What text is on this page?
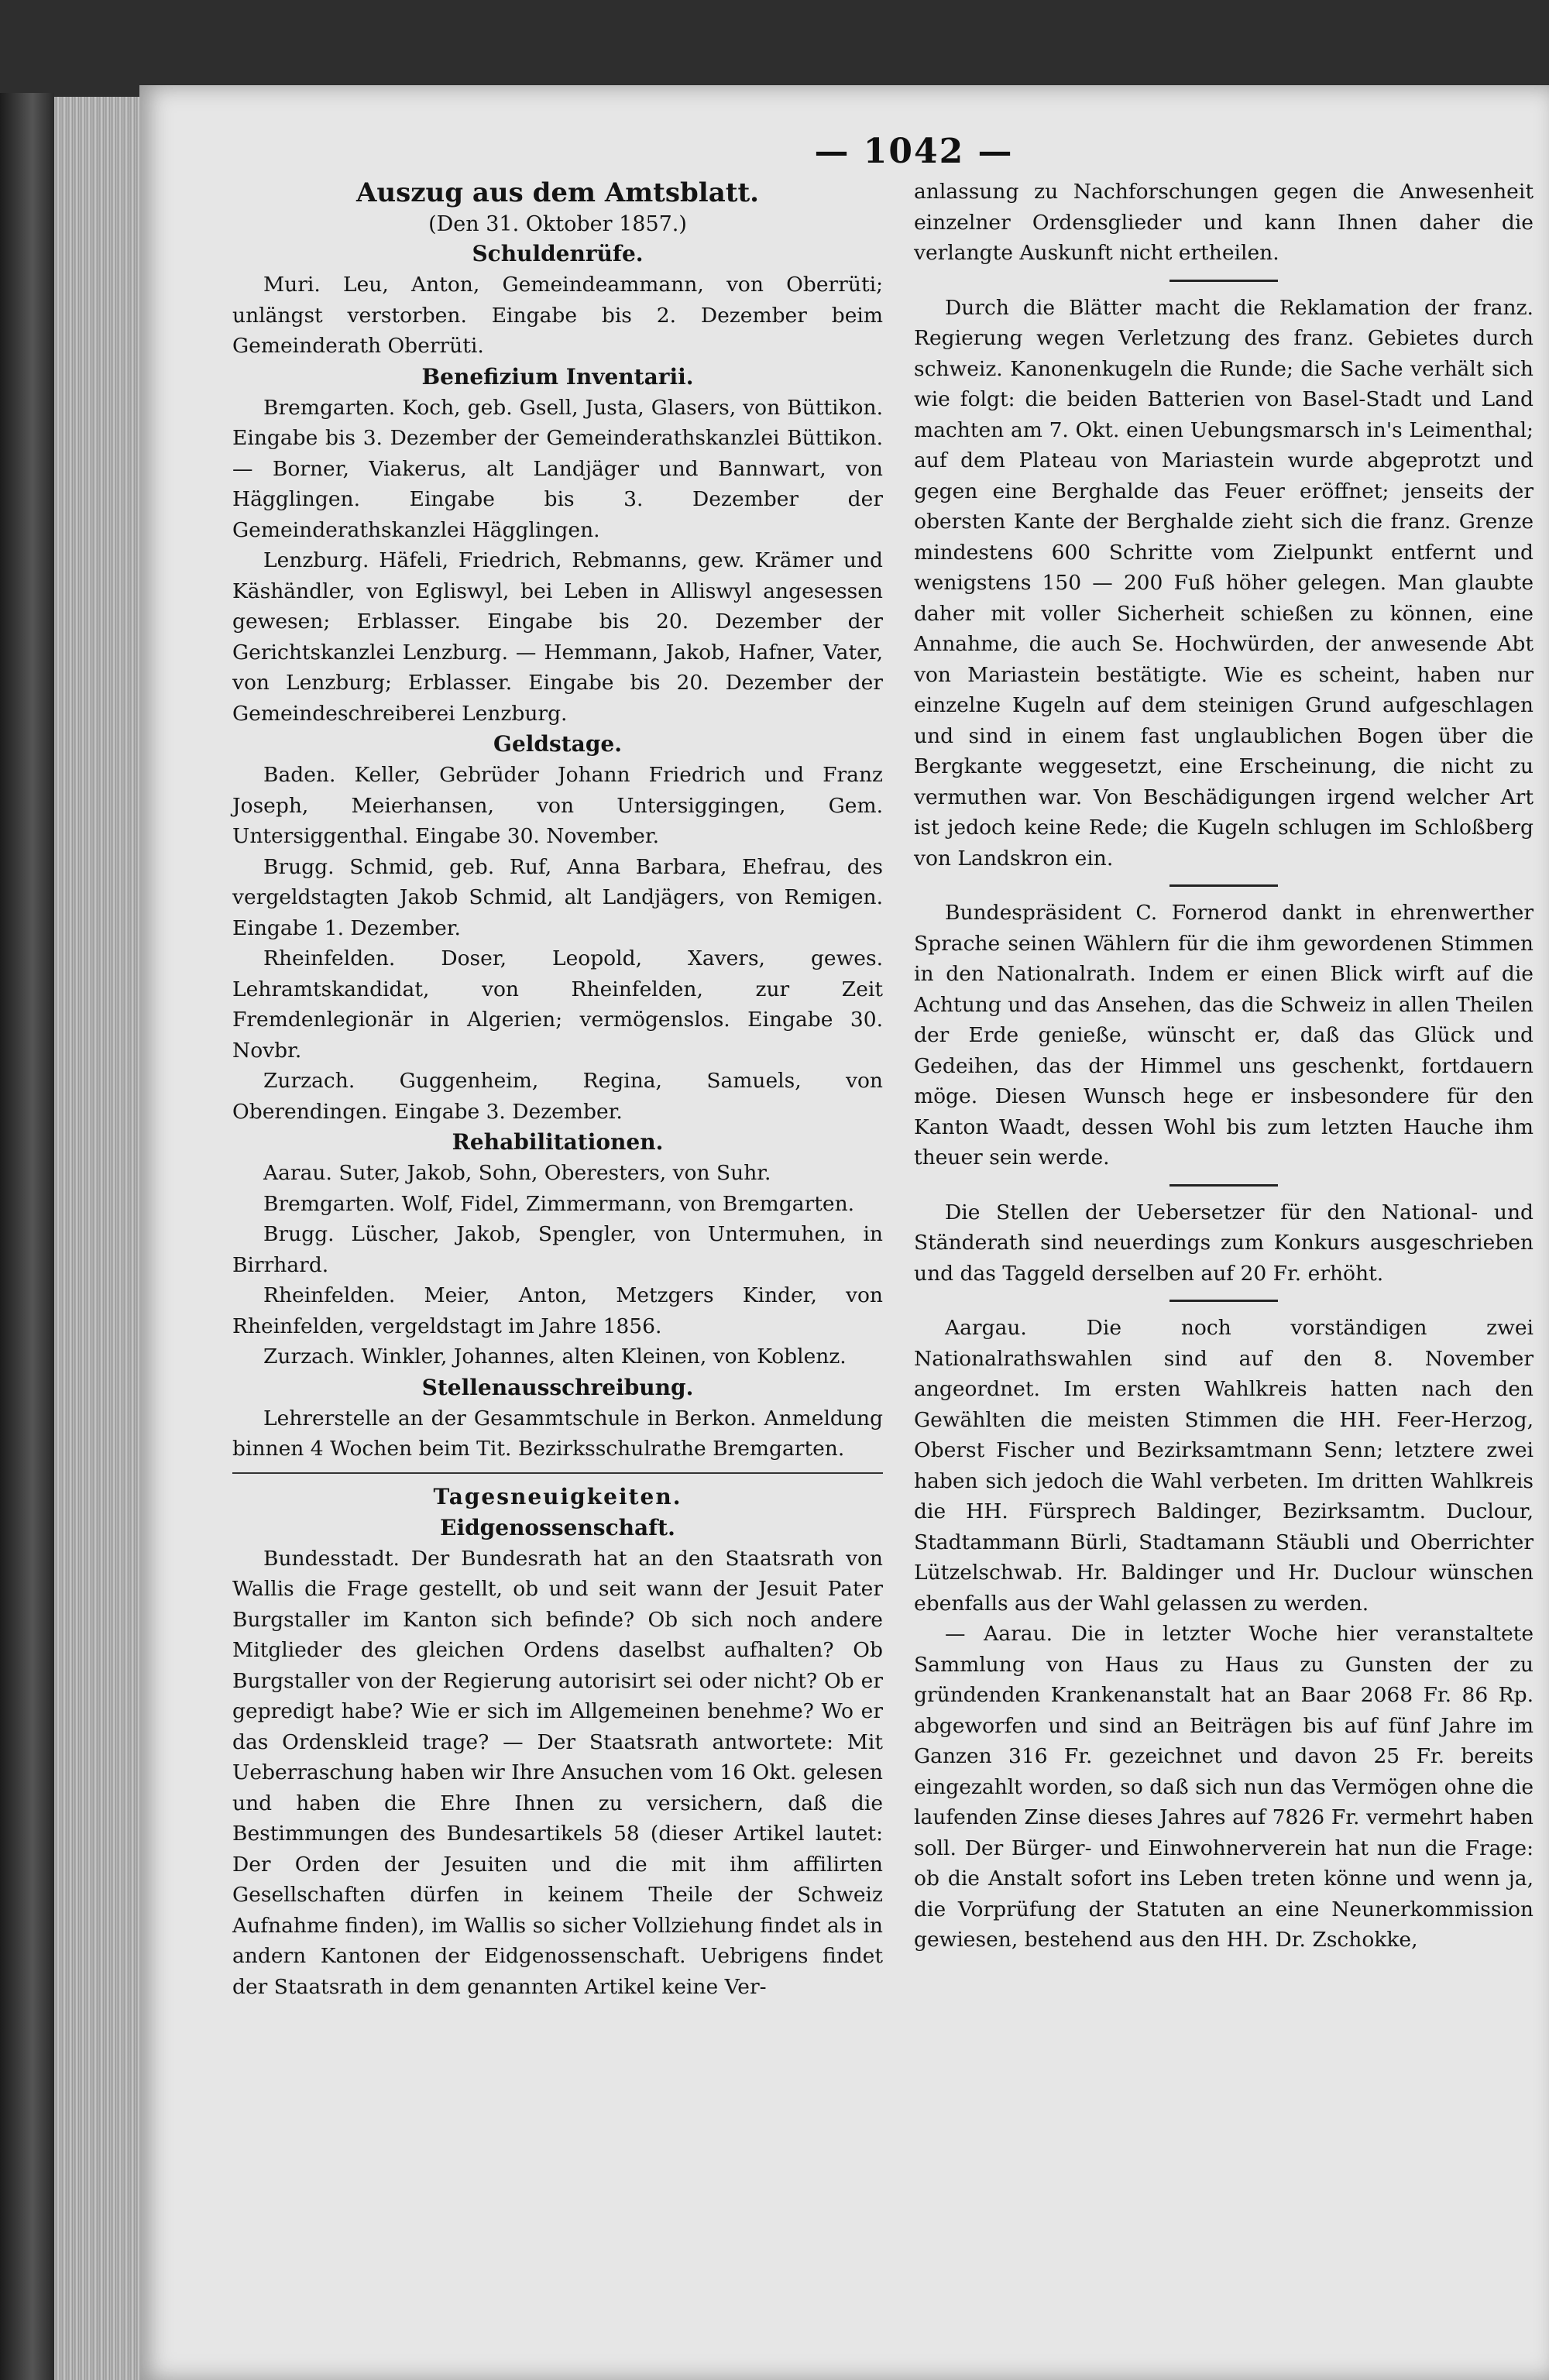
— 1042 —
Auszug aus dem Amtsblatt.
(Den 31. Oktober 1857.)
Schuldenrüfe.

Muri. Leu, Anton, Gemeindeammann, von Oberrüti; unlängst verstorben. Eingabe bis 2. Dezember beim Gemeinderath Oberrüti.

Benefizium Inventarii.

Bremgarten. Koch, geb. Gsell, Justa, Glasers, von Büttikon. Eingabe bis 3. Dezember der Gemeinderathskanzlei Büttikon. — Borner, Viakerus, alt Landjäger und Bannwart, von Hägglingen. Eingabe bis 3. Dezember der Gemeinderathskanzlei Hägglingen.

Lenzburg. Häfeli, Friedrich, Rebmanns, gew. Krämer und Käshändler, von Egliswyl, bei Leben in Alliswyl angesessen gewesen; Erblasser. Eingabe bis 20. Dezember der Gerichtskanzlei Lenzburg. — Hemmann, Jakob, Hafner, Vater, von Lenzburg; Erblasser. Eingabe bis 20. Dezember der Gemeindeschreiberei Lenzburg.

Geldstage.

Baden. Keller, Gebrüder Johann Friedrich und Franz Joseph, Meierhansen, von Untersiggingen, Gem. Untersiggenthal. Eingabe 30. November.

Brugg. Schmid, geb. Ruf, Anna Barbara, Ehefrau, des vergeldstagten Jakob Schmid, alt Landjägers, von Remigen. Eingabe 1. Dezember.

Rheinfelden. Doser, Leopold, Xavers, gewes. Lehramtskandidat, von Rheinfelden, zur Zeit Fremdenlegionär in Algerien; vermögenslos. Eingabe 30. Novbr.

Zurzach. Guggenheim, Regina, Samuels, von Oberendingen. Eingabe 3. Dezember.

Rehabilitationen.

Aarau. Suter, Jakob, Sohn, Oberesters, von Suhr.

Bremgarten. Wolf, Fidel, Zimmermann, von Bremgarten.

Brugg. Lüscher, Jakob, Spengler, von Untermuhen, in Birrhard.

Rheinfelden. Meier, Anton, Metzgers Kinder, von Rheinfelden, vergeldstagt im Jahre 1856.

Zurzach. Winkler, Johannes, alten Kleinen, von Koblenz.

Stellenausschreibung.

Lehrerstelle an der Gesammtschule in Berkon. Anmeldung binnen 4 Wochen beim Tit. Bezirksschulrathe Bremgarten.

Tagesneuigkeiten.
Eidgenossenschaft.

Bundesstadt. Der Bundesrath hat an den Staatsrath von Wallis die Frage gestellt, ob und seit wann der Jesuit Pater Burgstaller im Kanton sich befinde? Ob sich noch andere Mitglieder des gleichen Ordens daselbst aufhalten? Ob Burgstaller von der Regierung autorisirt sei oder nicht? Ob er gepredigt habe? Wie er sich im Allgemeinen benehme? Wo er das Ordenskleid trage? — Der Staatsrath antwortete: Mit Ueberraschung haben wir Ihre Ansuchen vom 16 Okt. gelesen und haben die Ehre Ihnen zu versichern, daß die Bestimmungen des Bundesartikels 58 (dieser Artikel lautet: Der Orden der Jesuiten und die mit ihm affilirten Gesellschaften dürfen in keinem Theile der Schweiz Aufnahme finden), im Wallis so sicher Vollziehung findet als in andern Kantonen der Eidgenossenschaft. Uebrigens findet der Staatsrath in dem genannten Artikel keine Ver-

anlassung zu Nachforschungen gegen die Anwesenheit einzelner Ordensglieder und kann Ihnen daher die verlangte Auskunft nicht ertheilen.

Durch die Blätter macht die Reklamation der franz. Regierung wegen Verletzung des franz. Gebietes durch schweiz. Kanonenkugeln die Runde; die Sache verhält sich wie folgt: die beiden Batterien von Basel-Stadt und Land machten am 7. Okt. einen Uebungsmarsch in's Leimenthal; auf dem Plateau von Mariastein wurde abgeprotzt und gegen eine Berghalde das Feuer eröffnet; jenseits der obersten Kante der Berghalde zieht sich die franz. Grenze mindestens 600 Schritte vom Zielpunkt entfernt und wenigstens 150 — 200 Fuß höher gelegen. Man glaubte daher mit voller Sicherheit schießen zu können, eine Annahme, die auch Se. Hochwürden, der anwesende Abt von Mariastein bestätigte. Wie es scheint, haben nur einzelne Kugeln auf dem steinigen Grund aufgeschlagen und sind in einem fast unglaublichen Bogen über die Bergkante weggesetzt, eine Erscheinung, die nicht zu vermuthen war. Von Beschädigungen irgend welcher Art ist jedoch keine Rede; die Kugeln schlugen im Schloßberg von Landskron ein.

Bundespräsident C. Fornerod dankt in ehrenwerther Sprache seinen Wählern für die ihm gewordenen Stimmen in den Nationalrath. Indem er einen Blick wirft auf die Achtung und das Ansehen, das die Schweiz in allen Theilen der Erde genieße, wünscht er, daß das Glück und Gedeihen, das der Himmel uns geschenkt, fortdauern möge. Diesen Wunsch hege er insbesondere für den Kanton Waadt, dessen Wohl bis zum letzten Hauche ihm theuer sein werde.

Die Stellen der Uebersetzer für den National- und Ständerath sind neuerdings zum Konkurs ausgeschrieben und das Taggeld derselben auf 20 Fr. erhöht.

Aargau. Die noch vorständigen zwei Nationalrathswahlen sind auf den 8. November angeordnet. Im ersten Wahlkreis hatten nach den Gewählten die meisten Stimmen die HH. Feer-Herzog, Oberst Fischer und Bezirksamtmann Senn; letztere zwei haben sich jedoch die Wahl verbeten. Im dritten Wahlkreis die HH. Fürsprech Baldinger, Bezirksamtm. Duclour, Stadtammann Bürli, Stadtamann Stäubli und Oberrichter Lützelschwab. Hr. Baldinger und Hr. Duclour wünschen ebenfalls aus der Wahl gelassen zu werden.

— Aarau. Die in letzter Woche hier veranstaltete Sammlung von Haus zu Haus zu Gunsten der zu gründenden Krankenanstalt hat an Baar 2068 Fr. 86 Rp. abgeworfen und sind an Beiträgen bis auf fünf Jahre im Ganzen 316 Fr. gezeichnet und davon 25 Fr. bereits eingezahlt worden, so daß sich nun das Vermögen ohne die laufenden Zinse dieses Jahres auf 7826 Fr. vermehrt haben soll. Der Bürger- und Einwohnerverein hat nun die Frage: ob die Anstalt sofort ins Leben treten könne und wenn ja, die Vorprüfung der Statuten an eine Neunerkommission gewiesen, bestehend aus den HH. Dr. Zschokke,
